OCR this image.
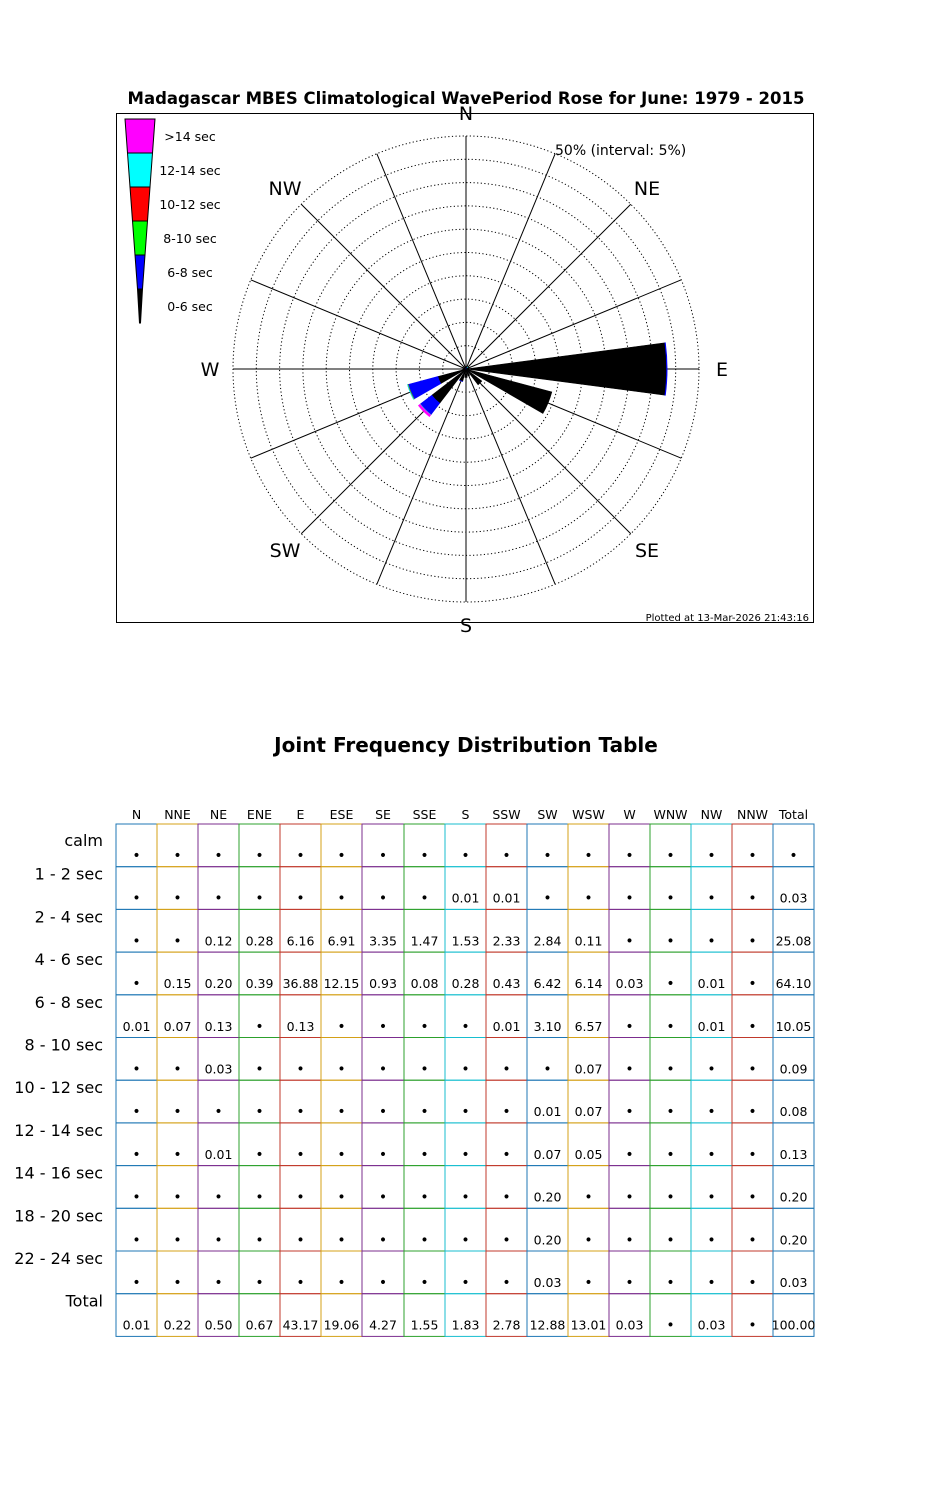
Madagascar MBES Climatological WavePeriod Rose for June: 1979 - 2015
N
NE
E
SE
S
SW
W
NW
50% (interval: 5%)
>14 sec
12-14 sec
10-12 sec
8-10 sec
6-8 sec
0-6 sec
Plotted at 13-Mar-2026 21:43:16
Joint Frequency Distribution Table
N NNE NE ENE E ESE SE SSE S SSW SW WSW W WNW NW NNW Total
calm
1 - 2 sec
2 - 4 sec
4 - 6 sec
6 - 8 sec
8 - 10 sec
10 - 12 sec
12 - 14 sec
14 - 16 sec
18 - 20 sec
22 - 24 sec
Total
• • • • • • • • • • • • • • • • •
• • • • • • • • 0.01 0.01 • • • • • • 0.03
• • 0.12 0.28 6.16 6.91 3.35 1.47 1.53 2.33 2.84 0.11 • • • • 25.08
• 0.15 0.20 0.39 36.88 12.15 0.93 0.08 0.28 0.43 6.42 6.14 0.03 • 0.01 • 64.10
0.01 0.07 0.13 • 0.13 • • • • 0.01 3.10 6.57 • • 0.01 • 10.05
• • 0.03 • • • • • • • • 0.07 • • • • 0.09
• • • • • • • • • • 0.01 0.07 • • • • 0.08
• • 0.01 • • • • • • • 0.07 0.05 • • • • 0.13
• • • • • • • • • • 0.20 • • • • • 0.20
• • • • • • • • • • 0.20 • • • • • 0.20
• • • • • • • • • • 0.03 • • • • • 0.03
0.01 0.22 0.50 0.67 43.17 19.06 4.27 1.55 1.83 2.78 12.88 13.01 0.03 • 0.03 • 100.00
